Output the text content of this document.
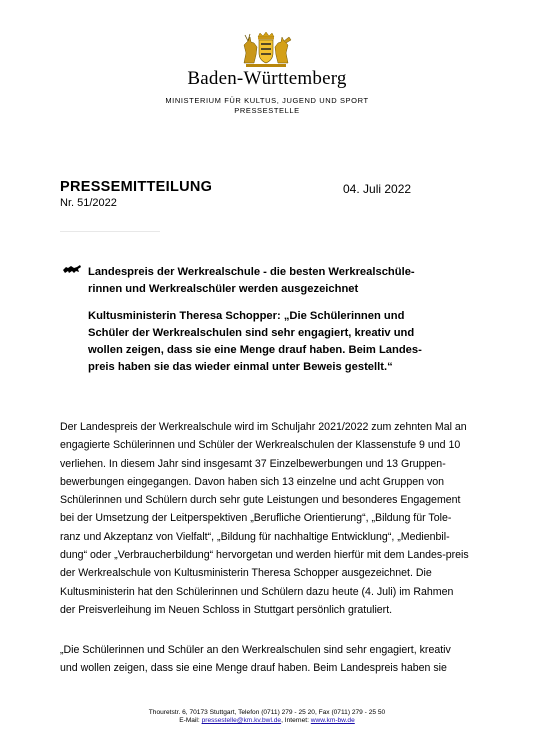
Baden-Württemberg
MINISTERIUM FÜR KULTUS, JUGEND UND SPORT
PRESSESTELLE
PRESSEMITTEILUNG	04. Juli 2022
Nr. 51/2022
Landespreis der Werkrealschule - die besten Werkrealschüle-rinnen und Werkrealschüler werden ausgezeichnet
Kultusministerin Theresa Schopper: „Die Schülerinnen und Schüler der Werkrealschulen sind sehr engagiert, kreativ und wollen zeigen, dass sie eine Menge drauf haben. Beim Landes-preis haben sie das wieder einmal unter Beweis gestellt.“
Der Landespreis der Werkrealschule wird im Schuljahr 2021/2022 zum zehnten Mal an engagierte Schülerinnen und Schüler der Werkrealschulen der Klassenstufe 9 und 10 verliehen. In diesem Jahr sind insgesamt 37 Einzelbewerbungen und 13 Gruppen-bewerbungen eingegangen. Davon haben sich 13 einzelne und acht Gruppen von Schülerinnen und Schülern durch sehr gute Leistungen und besonderes Engagement bei der Umsetzung der Leitperspektiven „Berufliche Orientierung“, „Bildung für Tole-ranz und Akzeptanz von Vielfalt“, „Bildung für nachhaltige Entwicklung“, „Medienbil-dung“ oder „Verbraucherbildung“ hervorgetan und werden hierfür mit dem Landes-preis der Werkrealschule von Kultusministerin Theresa Schopper ausgezeichnet. Die Kultusministerin hat den Schülerinnen und Schülern dazu heute (4. Juli) im Rahmen der Preisverleihung im Neuen Schloss in Stuttgart persönlich gratuliert.
„Die Schülerinnen und Schüler an den Werkrealschulen sind sehr engagiert, kreativ und wollen zeigen, dass sie eine Menge drauf haben. Beim Landespreis haben sie
Thouretstr. 6, 70173 Stuttgart, Telefon (0711) 279 - 25 20, Fax (0711) 279 - 25 50
E-Mail: pressestelle@km.kv.bwl.de, Internet: www.km-bw.de
